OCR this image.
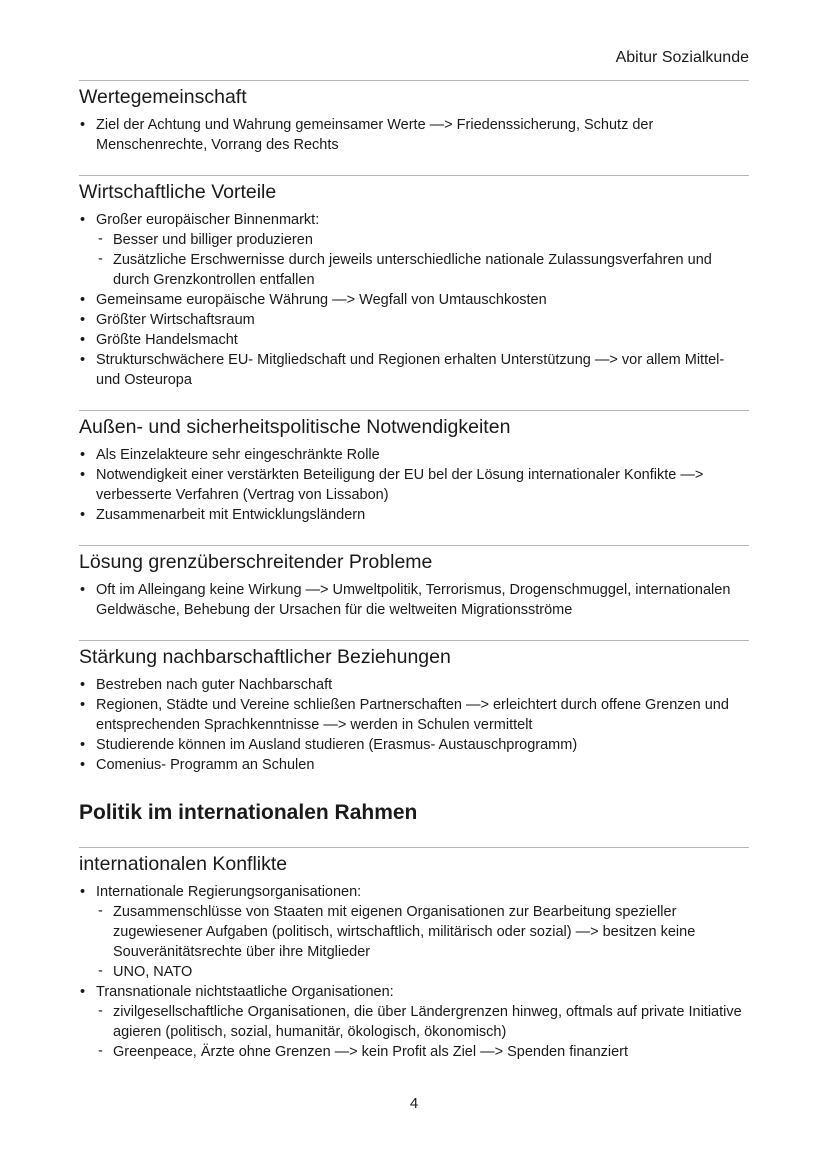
Abitur Sozialkunde
Wertegemeinschaft
• Ziel der Achtung und Wahrung gemeinsamer Werte —> Friedenssicherung, Schutz der Menschenrechte, Vorrang des Rechts
Wirtschaftliche Vorteile
• Großer europäischer Binnenmarkt:
- Besser und billiger produzieren
- Zusätzliche Erschwernisse durch jeweils unterschiedliche nationale Zulassungsverfahren und durch Grenzkontrollen entfallen
• Gemeinsame europäische Währung —> Wegfall von Umtauschkosten
• Größter Wirtschaftsraum
• Größte Handelsmacht
• Strukturschwächere EU- Mitgliedschaft und Regionen erhalten Unterstützung —> vor allem Mittel- und Osteuropa
Außen- und sicherheitspolitische Notwendigkeiten
• Als Einzelakteure sehr eingeschränkte Rolle
• Notwendigkeit einer verstärkten Beteiligung der EU bel der Lösung internationaler Konfikte —> verbesserte Verfahren (Vertrag von Lissabon)
• Zusammenarbeit mit Entwicklungsländern
Lösung grenzüberschreitender Probleme
• Oft im Alleingang keine Wirkung —> Umweltpolitik, Terrorismus, Drogenschmuggel, internationalen Geldwäsche, Behebung der Ursachen für die weltweiten Migrationsströme
Stärkung nachbarschaftlicher Beziehungen
• Bestreben nach guter Nachbarschaft
• Regionen, Städte und Vereine schließen Partnerschaften —> erleichtert durch offene Grenzen und entsprechenden Sprachkenntnisse —> werden in Schulen vermittelt
• Studierende können im Ausland studieren (Erasmus- Austauschprogramm)
• Comenius- Programm an Schulen
Politik im internationalen Rahmen
internationalen Konflikte
• Internationale Regierungsorganisationen:
- Zusammenschlüsse von Staaten mit eigenen Organisationen zur Bearbeitung spezieller zugewiesener Aufgaben (politisch, wirtschaftlich, militärisch oder sozial) —> besitzen keine Souveränitätsrechte über ihre Mitglieder
- UNO, NATO
• Transnationale nichtstaatliche Organisationen:
- zivilgesellschaftliche Organisationen, die über Ländergrenzen hinweg, oftmals auf private Initiative agieren (politisch, sozial, humanitär, ökologisch, ökonomisch)
- Greenpeace, Ärzte ohne Grenzen —> kein Profit als Ziel —> Spenden finanziert
4
